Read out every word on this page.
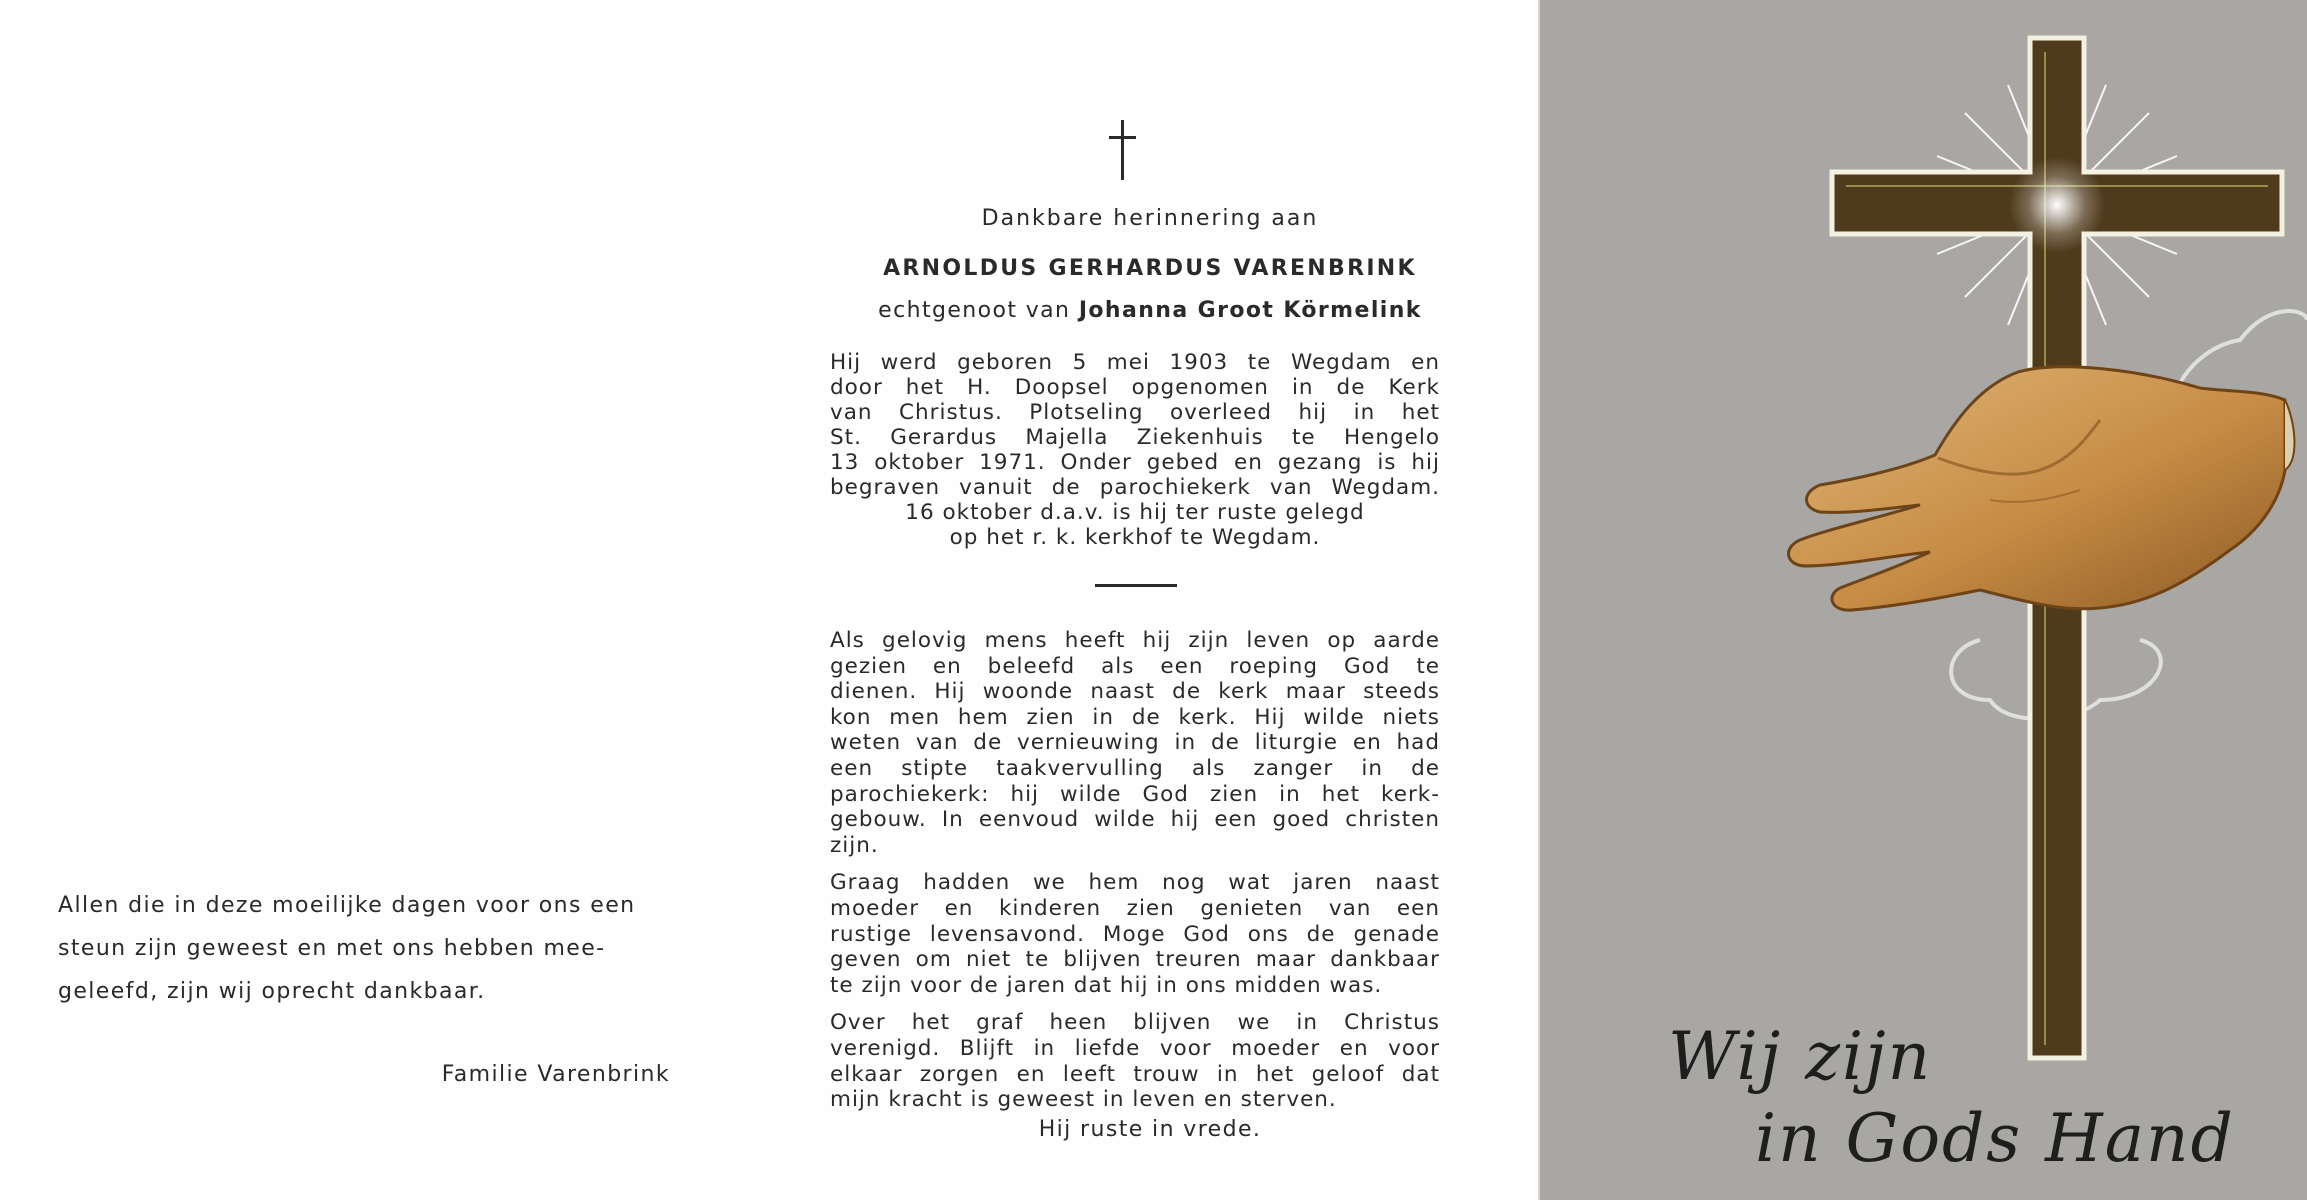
Allen die in deze moeilijke dagen voor ons een
steun zijn geweest en met ons hebben mee-
geleefd, zijn wij oprecht dankbaar.
Familie Varenbrink
Dankbare herinnering aan
ARNOLDUS GERHARDUS VARENBRINK
echtgenoot van Johanna Groot Körmelink
Hij werd geboren 5 mei 1903 te Wegdam en
door het H. Doopsel opgenomen in de Kerk
van Christus. Plotseling overleed hij in het
St. Gerardus Majella Ziekenhuis te Hengelo
13 oktober 1971. Onder gebed en gezang is hij
begraven vanuit de parochiekerk van Wegdam.
16 oktober d.a.v. is hij ter ruste gelegd
op het r. k. kerkhof te Wegdam.
Als gelovig mens heeft hij zijn leven op aarde
gezien en beleefd als een roeping God te
dienen. Hij woonde naast de kerk maar steeds
kon men hem zien in de kerk. Hij wilde niets
weten van de vernieuwing in de liturgie en had
een stipte taakvervulling als zanger in de
parochiekerk: hij wilde God zien in het kerk-
gebouw. In eenvoud wilde hij een goed christen
zijn.
Graag hadden we hem nog wat jaren naast
moeder en kinderen zien genieten van een
rustige levensavond. Moge God ons de genade
geven om niet te blijven treuren maar dankbaar
te zijn voor de jaren dat hij in ons midden was.
Over het graf heen blijven we in Christus
verenigd. Blijft in liefde voor moeder en voor
elkaar zorgen en leeft trouw in het geloof dat
mijn kracht is geweest in leven en sterven.
Hij ruste in vrede.
Wij zijn
in Gods Hand
